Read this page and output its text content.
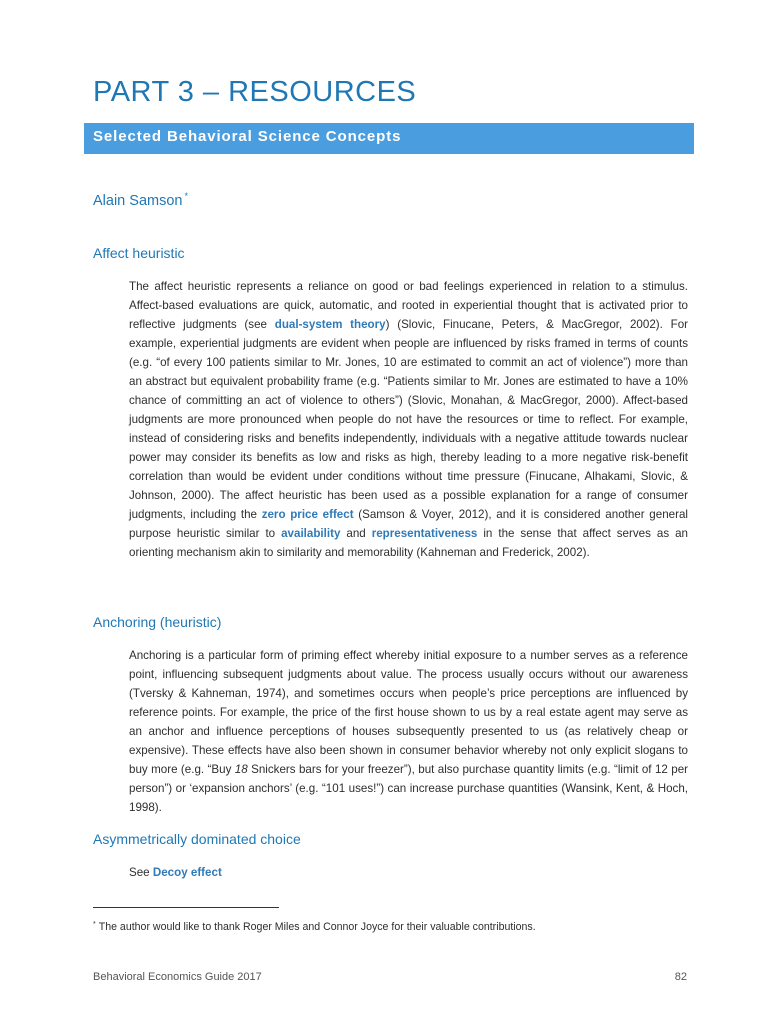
PART 3 – RESOURCES
Selected Behavioral Science Concepts
Alain Samson *
Affect heuristic

The affect heuristic represents a reliance on good or bad feelings experienced in relation to a stimulus. Affect-based evaluations are quick, automatic, and rooted in experiential thought that is activated prior to reflective judgments (see dual-system theory) (Slovic, Finucane, Peters, & MacGregor, 2002). For example, experiential judgments are evident when people are influenced by risks framed in terms of counts (e.g. “of every 100 patients similar to Mr. Jones, 10 are estimated to commit an act of violence”) more than an abstract but equivalent probability frame (e.g. “Patients similar to Mr. Jones are estimated to have a 10% chance of committing an act of violence to others”) (Slovic, Monahan, & MacGregor, 2000). Affect-based judgments are more pronounced when people do not have the resources or time to reflect. For example, instead of considering risks and benefits independently, individuals with a negative attitude towards nuclear power may consider its benefits as low and risks as high, thereby leading to a more negative risk-benefit correlation than would be evident under conditions without time pressure (Finucane, Alhakami, Slovic, & Johnson, 2000). The affect heuristic has been used as a possible explanation for a range of consumer judgments, including the zero price effect (Samson & Voyer, 2012), and it is considered another general purpose heuristic similar to availability and representativeness in the sense that affect serves as an orienting mechanism akin to similarity and memorability (Kahneman and Frederick, 2002).

Anchoring (heuristic)

Anchoring is a particular form of priming effect whereby initial exposure to a number serves as a reference point, influencing subsequent judgments about value. The process usually occurs without our awareness (Tversky & Kahneman, 1974), and sometimes occurs when people’s price perceptions are influenced by reference points. For example, the price of the first house shown to us by a real estate agent may serve as an anchor and influence perceptions of houses subsequently presented to us (as relatively cheap or expensive). These effects have also been shown in consumer behavior whereby not only explicit slogans to buy more (e.g. “Buy 18 Snickers bars for your freezer”), but also purchase quantity limits (e.g. “limit of 12 per person”) or ‘expansion anchors’ (e.g. “101 uses!”) can increase purchase quantities (Wansink, Kent, & Hoch, 1998).

Asymmetrically dominated choice

See Decoy effect

* The author would like to thank Roger Miles and Connor Joyce for their valuable contributions.
Behavioral Economics Guide 2017	82
